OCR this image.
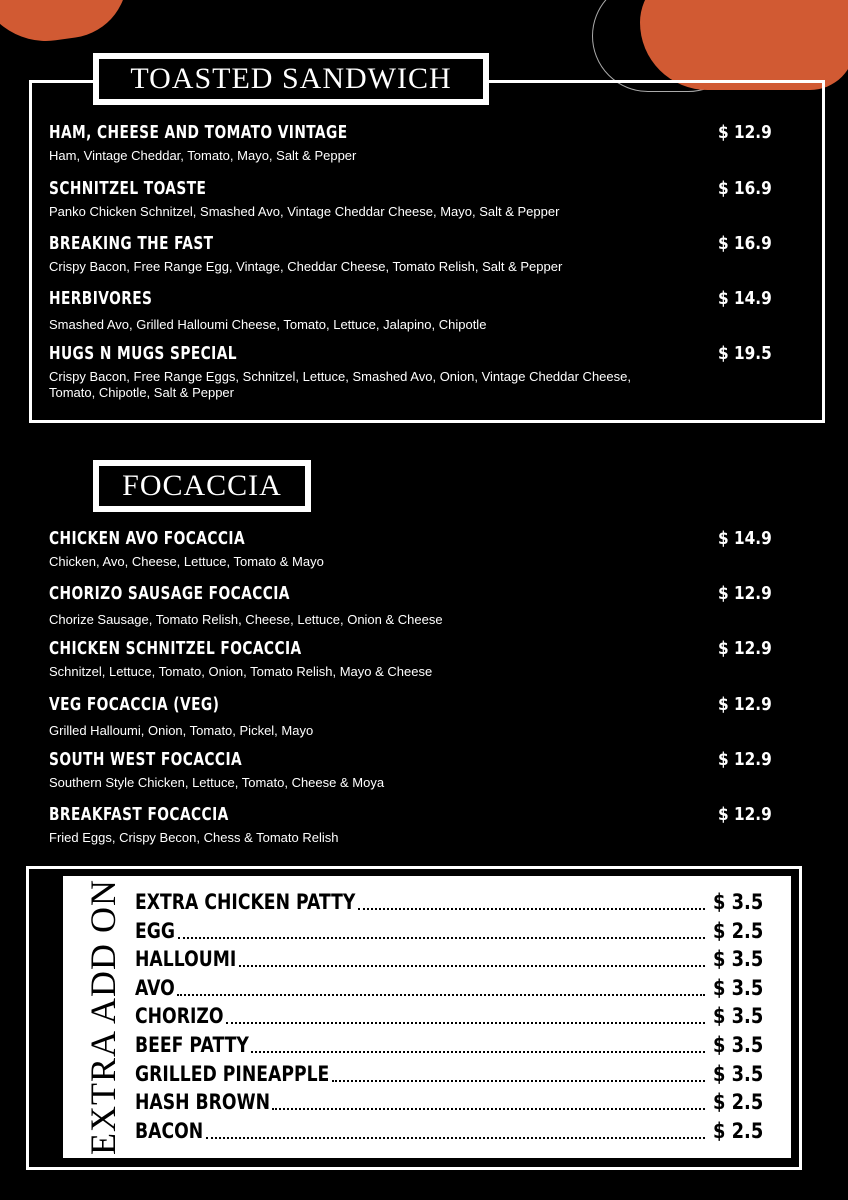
TOASTED SANDWICH
HAM, CHEESE AND TOMATO VINTAGE
Ham, Vintage Cheddar, Tomato, Mayo, Salt & Pepper
$ 12.9
SCHNITZEL TOASTE
Panko Chicken Schnitzel, Smashed Avo, Vintage Cheddar Cheese, Mayo, Salt & Pepper
$ 16.9
BREAKING THE FAST
Crispy Bacon, Free Range Egg, Vintage, Cheddar Cheese, Tomato Relish, Salt & Pepper
$ 16.9
HERBIVORES
Smashed Avo, Grilled Halloumi Cheese, Tomato, Lettuce, Jalapino, Chipotle
$ 14.9
HUGS N MUGS SPECIAL
Crispy Bacon, Free Range Eggs, Schnitzel, Lettuce, Smashed Avo, Onion, Vintage Cheddar Cheese, Tomato, Chipotle, Salt & Pepper
$ 19.5
FOCACCIA
CHICKEN AVO FOCACCIA
Chicken, Avo, Cheese, Lettuce, Tomato & Mayo
$ 14.9
CHORIZO SAUSAGE FOCACCIA
Chorize Sausage, Tomato Relish, Cheese, Lettuce, Onion & Cheese
$ 12.9
CHICKEN SCHNITZEL FOCACCIA
Schnitzel, Lettuce, Tomato, Onion, Tomato Relish, Mayo & Cheese
$ 12.9
VEG FOCACCIA (VEG)
Grilled Halloumi, Onion, Tomato, Pickel, Mayo
$ 12.9
SOUTH WEST FOCACCIA
Southern Style Chicken, Lettuce, Tomato, Cheese & Moya
$ 12.9
BREAKFAST FOCACCIA
Fried Eggs, Crispy Becon, Chess & Tomato Relish
$ 12.9
EXTRA ADD ON EXTRA CHICKEN PATTY	$ 3.5
EGG	$ 2.5
HALLOUMI	$ 3.5
AVO	$ 3.5
CHORIZO	$ 3.5
BEEF PATTY	$ 3.5
GRILLED PINEAPPLE	$ 3.5
HASH BROWN	$ 2.5
BACON	$ 2.5
